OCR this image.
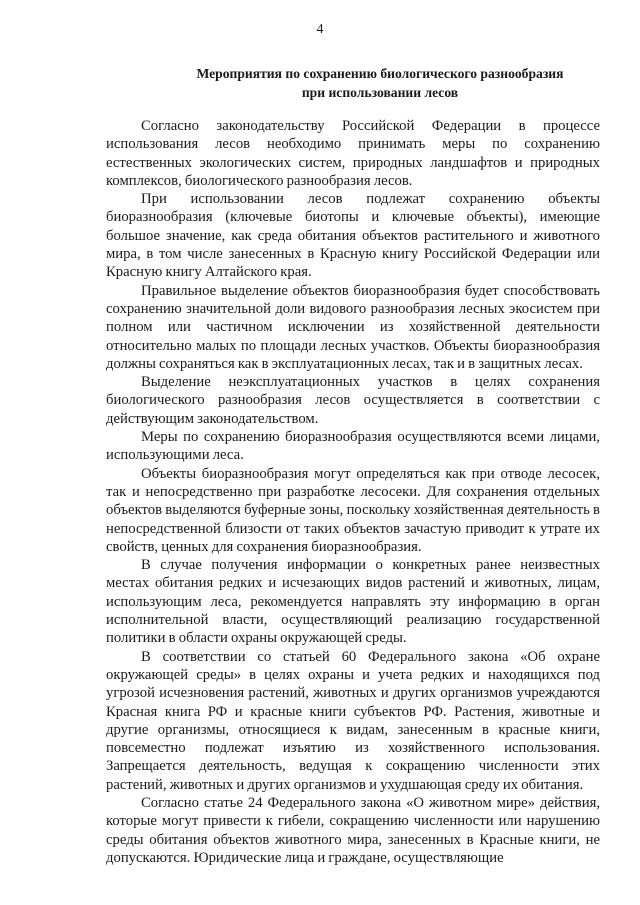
4
Мероприятия по сохранению биологического разнообразия
при использовании лесов

Согласно законодательству Российской Федерации в процессе использования лесов необходимо принимать меры по сохранению естественных экологических систем, природных ландшафтов и природных комплексов, биологического разнообразия лесов.

При использовании лесов подлежат сохранению объекты биоразнообразия (ключевые биотопы и ключевые объекты), имеющие большое значение, как среда обитания объектов растительного и животного мира, в том числе занесенных в Красную книгу Российской Федерации или Красную книгу Алтайского края.

Правильное выделение объектов биоразнообразия будет способствовать сохранению значительной доли видового разнообразия лесных экосистем при полном или частичном исключении из хозяйственной деятельности относительно малых по площади лесных участков. Объекты биоразнообразия должны сохраняться как в эксплуатационных лесах, так и в защитных лесах.

Выделение неэксплуатационных участков в целях сохранения биологического разнообразия лесов осуществляется в соответствии с действующим законодательством.

Меры по сохранению биоразнообразия осуществляются всеми лицами, использующими леса.

Объекты биоразнообразия могут определяться как при отводе лесосек, так и непосредственно при разработке лесосеки. Для сохранения отдельных объектов выделяются буферные зоны, поскольку хозяйственная деятельность в непосредственной близости от таких объектов зачастую приводит к утрате их свойств, ценных для сохранения биоразнообразия.

В случае получения информации о конкретных ранее неизвестных местах обитания редких и исчезающих видов растений и животных, лицам, использующим леса, рекомендуется направлять эту информацию в орган исполнительной власти, осуществляющий реализацию государственной политики в области охраны окружающей среды.

В соответствии со статьей 60 Федерального закона «Об охране окружающей среды» в целях охраны и учета редких и находящихся под угрозой исчезновения растений, животных и других организмов учреждаются Красная книга РФ и красные книги субъектов РФ. Растения, животные и другие организмы, относящиеся к видам, занесенным в красные книги, повсеместно подлежат изъятию из хозяйственного использования. Запрещается деятельность, ведущая к сокращению численности этих растений, животных и других организмов и ухудшающая среду их обитания.

Согласно статье 24 Федерального закона «О животном мире» действия, которые могут привести к гибели, сокращению численности или нарушению среды обитания объектов животного мира, занесенных в Красные книги, не допускаются. Юридические лица и граждане, осуществляющие
